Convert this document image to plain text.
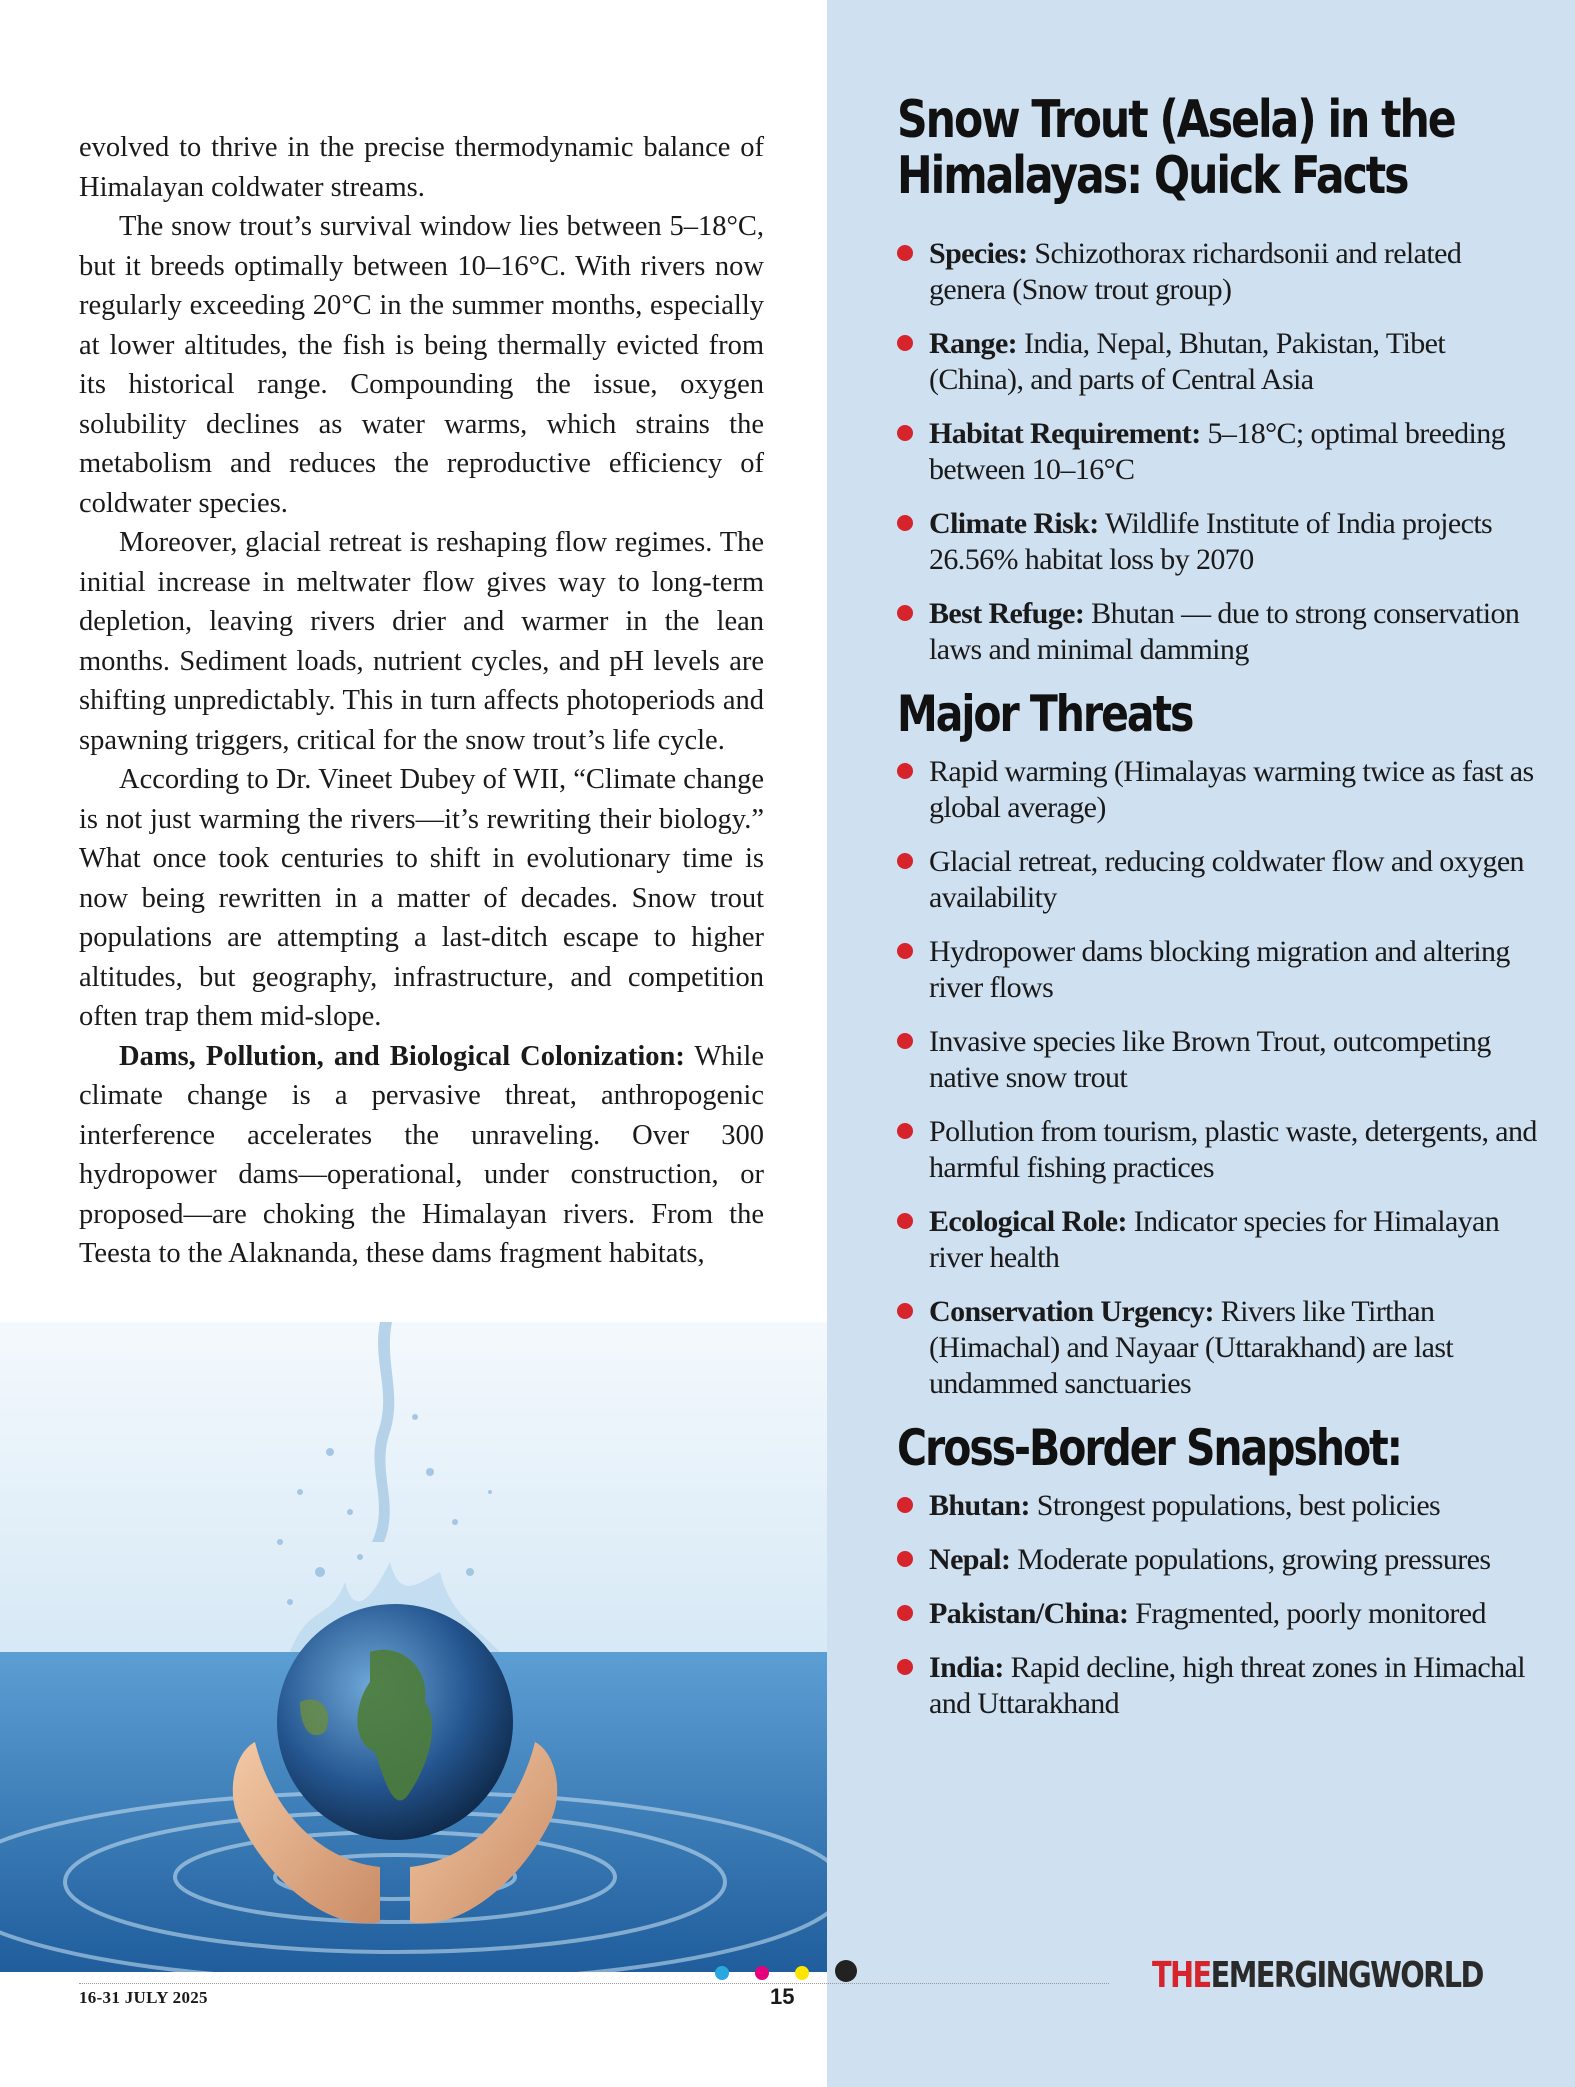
Snow Trout (Asela) in the
Himalayas: Quick Facts
Species: Schizothorax richardsonii and related genera (Snow trout group)
Range: India, Nepal, Bhutan, Pakistan, Tibet (China), and parts of Central Asia
Habitat Requirement: 5–18°C; optimal breeding between 10–16°C
Climate Risk: Wildlife Institute of India projects 26.56% habitat loss by 2070
Best Refuge: Bhutan — due to strong conservation laws and minimal damming
Major Threats
Rapid warming (Himalayas warming twice as fast as global average)
Glacial retreat, reducing coldwater flow and oxygen availability
Hydropower dams blocking migration and altering river flows
Invasive species like Brown Trout, outcompeting native snow trout
Pollution from tourism, plastic waste, detergents, and harmful fishing practices
Ecological Role: Indicator species for Himalayan river health
Conservation Urgency: Rivers like Tirthan (Himachal) and Nayaar (Uttarakhand) are last undammed sanctuaries
Cross-Border Snapshot:
Bhutan: Strongest populations, best policies
Nepal: Moderate populations, growing pressures
Pakistan/China: Fragmented, poorly monitored
India: Rapid decline, high threat zones in Himachal and Uttarakhand

evolved to thrive in the precise thermodynamic balance of Himalayan coldwater streams.

The snow trout’s survival window lies between 5–18°C, but it breeds optimally between 10–16°C. With rivers now regularly exceeding 20°C in the summer months, especially at lower altitudes, the fish is being thermally evicted from its historical range. Compounding the issue, oxygen solubility declines as water warms, which strains the metabolism and reduces the reproductive efficiency of coldwater species.

Moreover, glacial retreat is reshaping flow regimes. The initial increase in meltwater flow gives way to long-term depletion, leaving rivers drier and warmer in the lean months. Sediment loads, nutrient cycles, and pH levels are shifting unpredictably. This in turn affects photoperiods and spawning triggers, critical for the snow trout’s life cycle.

According to Dr. Vineet Dubey of WII, “Climate change is not just warming the rivers—it’s rewriting their biology.” What once took centuries to shift in evolutionary time is now being rewritten in a matter of decades. Snow trout populations are attempting a last-ditch escape to higher altitudes, but geography, infrastructure, and competition often trap them mid-slope.

Dams, Pollution, and Biological Colonization: While climate change is a pervasive threat, anthropogenic interference accelerates the unraveling. Over 300 hydropower dams—operational, under construction, or proposed—are choking the Himalayan rivers. From the Teesta to the Alaknanda, these dams fragment habitats,

16-31 JULY 2025	15
THEEMERGINGWORLD
